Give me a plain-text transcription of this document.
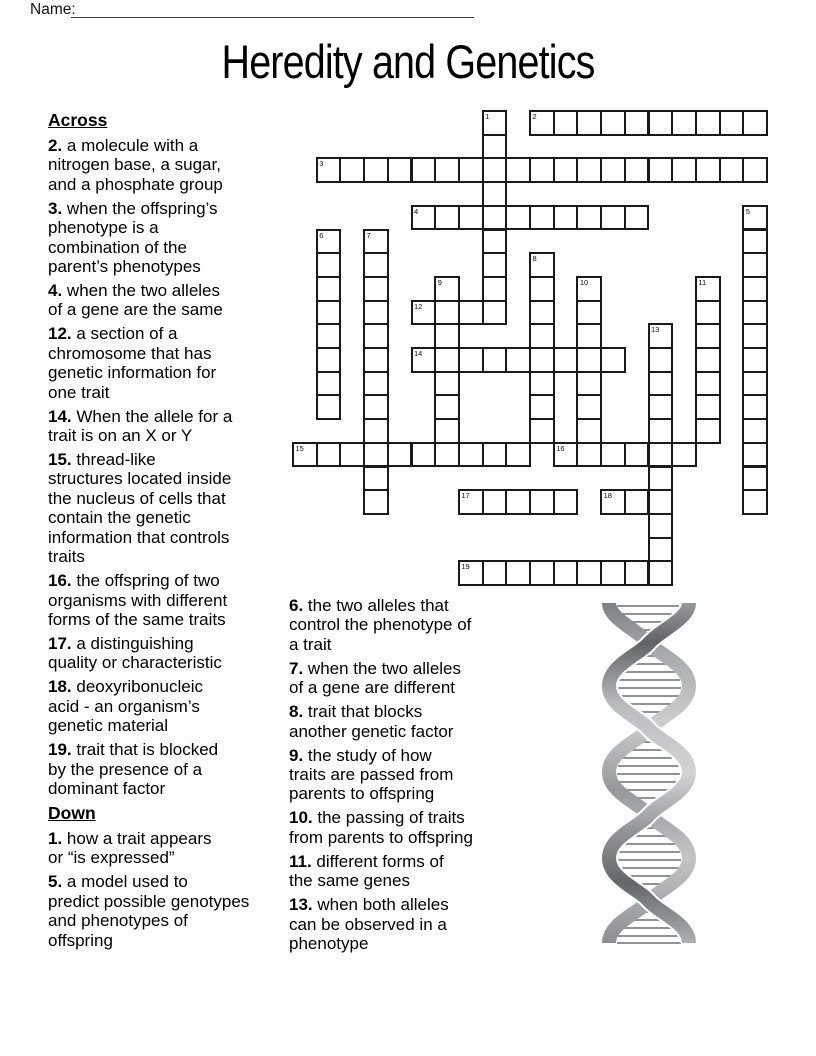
Name:
Heredity and Genetics
Across

2. a molecule with a
nitrogen base, a sugar,
and a phosphate group

3. when the offspring’s
phenotype is a
combination of the
parent’s phenotypes

4. when the two alleles
of a gene are the same

12. a section of a
chromosome that has
genetic information for
one trait

14. When the allele for a
trait is on an X or Y

15. thread-like
structures located inside
the nucleus of cells that
contain the genetic
information that controls
traits

16. the offspring of two
organisms with different
forms of the same traits

17. a distinguishing
quality or characteristic

18. deoxyribonucleic
acid - an organism’s
genetic material

19. trait that is blocked
by the presence of a
dominant factor

Down

1. how a trait appears
or “is expressed”

5. a model used to
predict possible genotypes
and phenotypes of
offspring

6. the two alleles that
control the phenotype of
a trait

7. when the two alleles
of a gene are different

8. trait that blocks
another genetic factor

9. the study of how
traits are passed from
parents to offspring

10. the passing of traits
from parents to offspring

11. different forms of
the same genes

13. when both alleles
can be observed in a
phenotype

1	2
3
4	5
6	7
8
9	10	11
12
13
14
15	16
17	18
19
